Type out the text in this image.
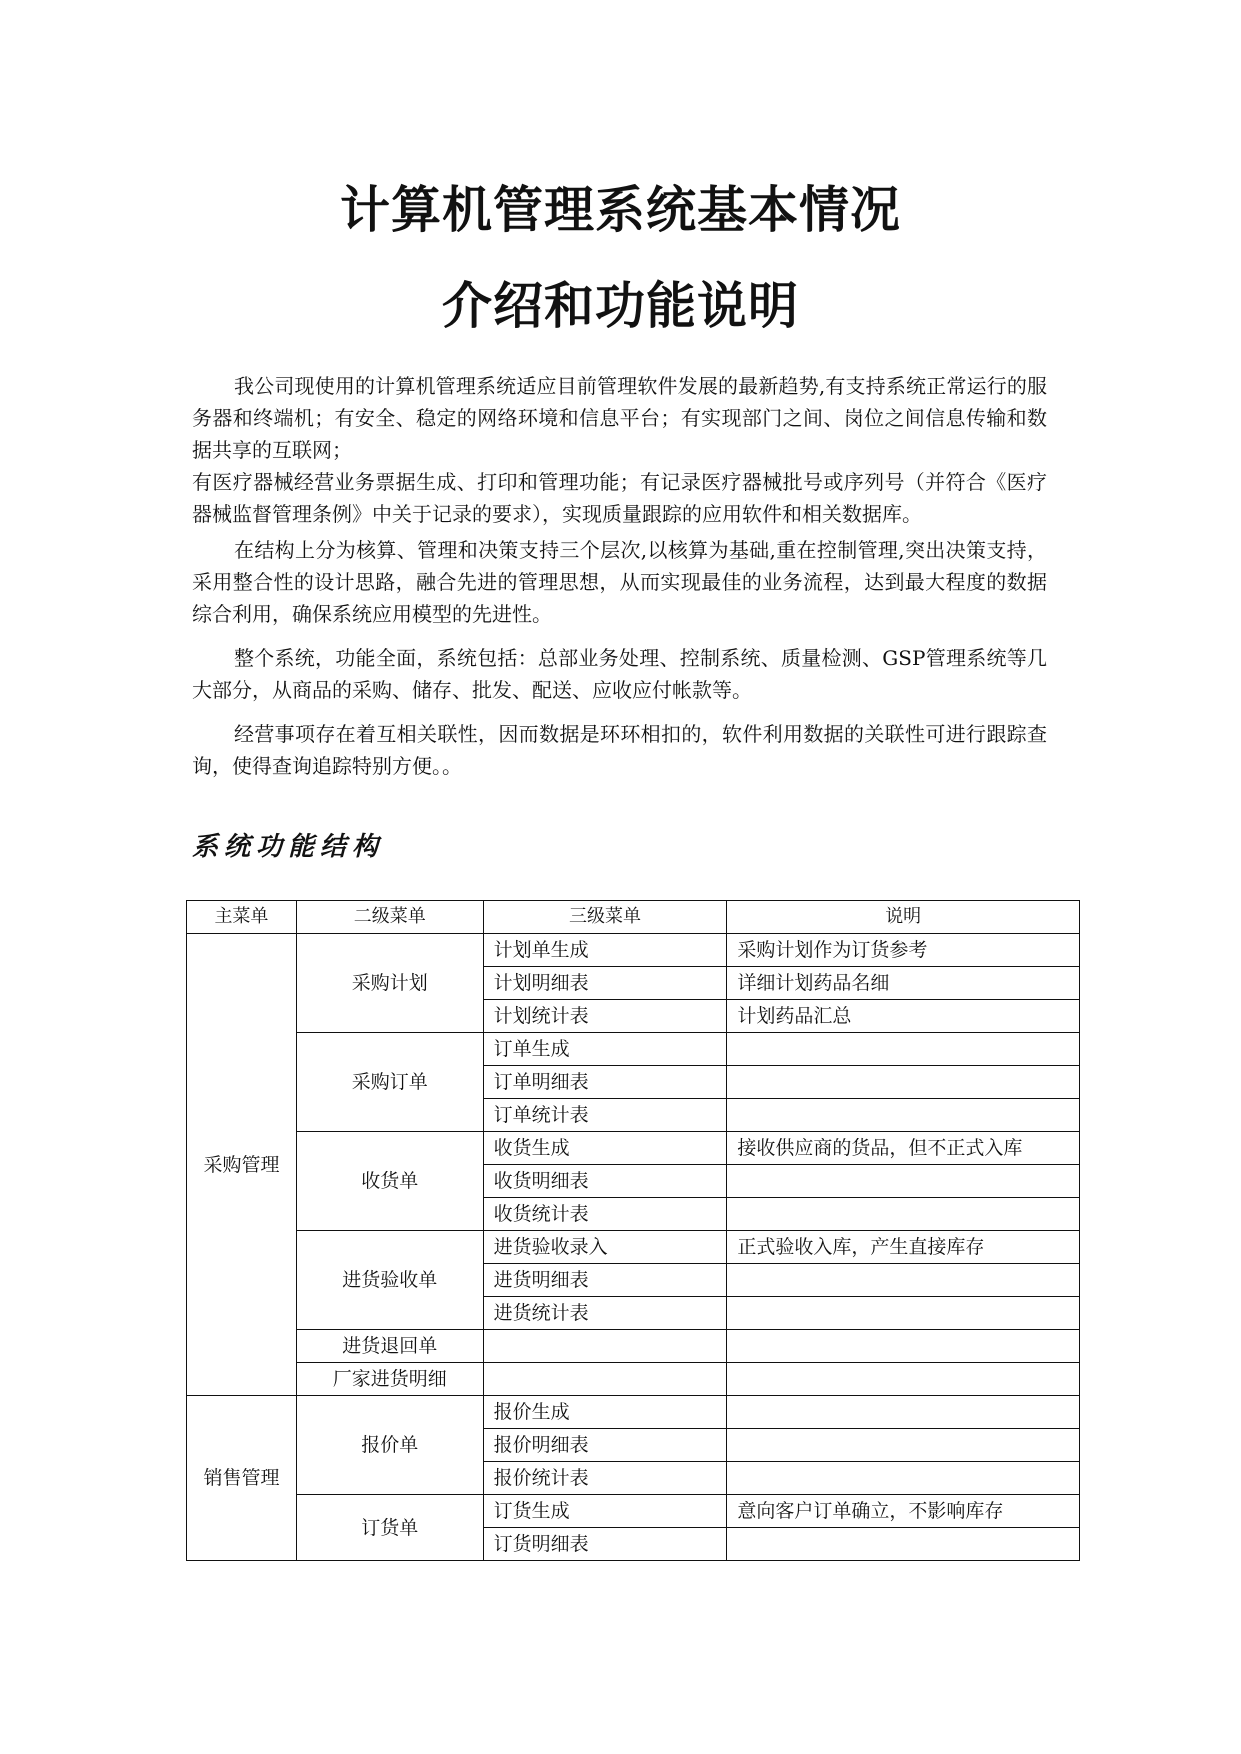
计算机管理系统基本情况
介绍和功能说明

我公司现使用的计算机管理系统适应目前管理软件发展的最新趋势,有支持系统正常运行的服务器和终端机；有安全、稳定的网络环境和信息平台；有实现部门之间、岗位之间信息传输和数据共享的互联网；

有医疗器械经营业务票据生成、打印和管理功能；有记录医疗器械批号或序列号（并符合《医疗器械监督管理条例》中关于记录的要求），实现质量跟踪的应用软件和相关数据库。

在结构上分为核算、管理和决策支持三个层次,以核算为基础,重在控制管理,突出决策支持，采用整合性的设计思路，融合先进的管理思想，从而实现最佳的业务流程，达到最大程度的数据综合利用，确保系统应用模型的先进性。

整个系统，功能全面，系统包括：总部业务处理、控制系统、质量检测、GSP管理系统等几大部分，从商品的采购、储存、批发、配送、应收应付帐款等。

经营事项存在着互相关联性，因而数据是环环相扣的，软件利用数据的关联性可进行跟踪查询，使得查询追踪特别方便。。

系统功能结构
主菜单	二级菜单	三级菜单	说明
采购管理	采购计划	计划单生成	采购计划作为订货参考
		计划明细表	详细计划药品名细
		计划统计表	计划药品汇总
	采购订单	订单生成	
		订单明细表	
		订单统计表	
	收货单	收货生成	接收供应商的货品，但不正式入库
		收货明细表	
		收货统计表	
	进货验收单	进货验收录入	正式验收入库，产生直接库存
		进货明细表	
		进货统计表	
	进货退回单		
	厂家进货明细		
销售管理	报价单	报价生成	
		报价明细表	
		报价统计表	
	订货单	订货生成	意向客户订单确立，不影响库存
		订货明细表	
